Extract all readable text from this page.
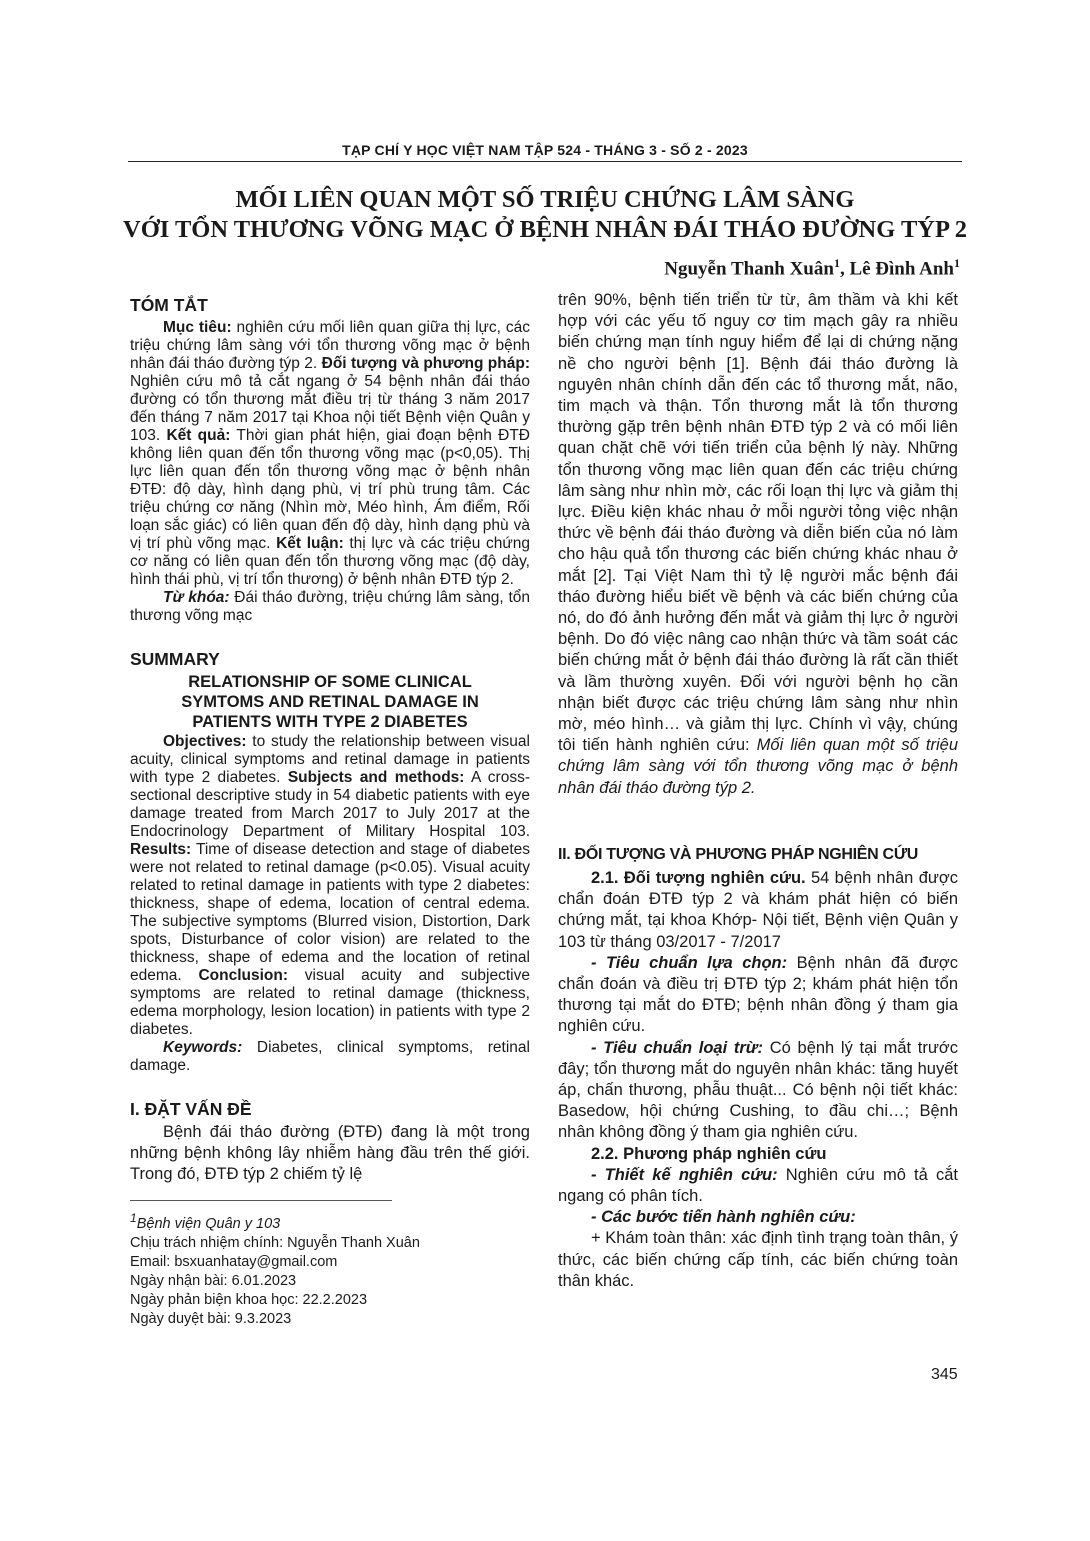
TẠP CHÍ Y HỌC VIỆT NAM TẬP 524 - THÁNG 3 - SỐ 2 - 2023
MỐI LIÊN QUAN MỘT SỐ TRIỆU CHỨNG LÂM SÀNG
VỚI TỔN THƯƠNG VÕNG MẠC Ở BỆNH NHÂN ĐÁI THÁO ĐƯỜNG TÝP 2
Nguyễn Thanh Xuân$^1$, Lê Đình Anh$^1$
TÓM TẮT

Mục tiêu: nghiên cứu mối liên quan giữa thị lực, các triệu chứng lâm sàng với tổn thương võng mạc ở bệnh nhân đái tháo đường týp 2. Đối tượng và phương pháp: Nghiên cứu mô tả cắt ngang ở 54 bệnh nhân đái tháo đường có tổn thương mắt điều trị từ tháng 3 năm 2017 đến tháng 7 năm 2017 tại Khoa nội tiết Bệnh viện Quân y 103. Kết quả: Thời gian phát hiện, giai đoạn bệnh ĐTĐ không liên quan đến tổn thương võng mạc (p<0,05). Thị lực liên quan đến tổn thương võng mạc ở bệnh nhân ĐTĐ: độ dày, hình dạng phù, vị trí phù trung tâm. Các triệu chứng cơ năng (Nhìn mờ, Méo hình, Ám điểm, Rối loạn sắc giác) có liên quan đến độ dày, hình dạng phù và vị trí phù võng mạc. Kết luận: thị lực và các triệu chứng cơ năng có liên quan đến tổn thương võng mạc (độ dày, hình thái phù, vị trí tổn thương) ở bệnh nhân ĐTĐ týp 2.

Từ khóa: Đái tháo đường, triệu chứng lâm sàng, tổn thương võng mạc

SUMMARY
RELATIONSHIP OF SOME CLINICAL
SYMTOMS AND RETINAL DAMAGE IN
PATIENTS WITH TYPE 2 DIABETES

Objectives: to study the relationship between visual acuity, clinical symptoms and retinal damage in patients with type 2 diabetes. Subjects and methods: A cross-sectional descriptive study in 54 diabetic patients with eye damage treated from March 2017 to July 2017 at the Endocrinology Department of Military Hospital 103. Results: Time of disease detection and stage of diabetes were not related to retinal damage (p<0.05). Visual acuity related to retinal damage in patients with type 2 diabetes: thickness, shape of edema, location of central edema. The subjective symptoms (Blurred vision, Distortion, Dark spots, Disturbance of color vision) are related to the thickness, shape of edema and the location of retinal edema. Conclusion: visual acuity and subjective symptoms are related to retinal damage (thickness, edema morphology, lesion location) in patients with type 2 diabetes.

Keywords: Diabetes, clinical symptoms, retinal damage.

I. ĐẶT VẤN ĐỀ

Bệnh đái tháo đường (ĐTĐ) đang là một trong những bệnh không lây nhiễm hàng đầu trên thế giới. Trong đó, ĐTĐ týp 2 chiếm tỷ lệ

$^1$Bệnh viện Quân y 103
Chịu trách nhiệm chính: Nguyễn Thanh Xuân
Email: bsxuanhatay@gmail.com
Ngày nhận bài: 6.01.2023
Ngày phản biện khoa học: 22.2.2023
Ngày duyệt bài: 9.3.2023

trên 90%, bệnh tiến triển từ từ, âm thầm và khi kết hợp với các yếu tố nguy cơ tim mạch gây ra nhiều biến chứng mạn tính nguy hiểm để lại di chứng nặng nề cho người bệnh [1]. Bệnh đái tháo đường là nguyên nhân chính dẫn đến các tổ thương mắt, não, tim mạch và thận. Tổn thương mắt là tổn thương thường gặp trên bệnh nhân ĐTĐ týp 2 và có mối liên quan chặt chẽ với tiến triển của bệnh lý này. Những tổn thương võng mạc liên quan đến các triệu chứng lâm sàng như nhìn mờ, các rối loạn thị lực và giảm thị lực. Điều kiện khác nhau ở mỗi người tỏng việc nhận thức về bệnh đái tháo đường và diễn biến của nó làm cho hậu quả tổn thương các biến chứng khác nhau ở mắt [2]. Tại Việt Nam thì tỷ lệ người mắc bệnh đái tháo đường hiểu biết về bệnh và các biến chứng của nó, do đó ảnh hưởng đến mắt và giảm thị lực ở người bệnh. Do đó việc nâng cao nhận thức và tầm soát các biến chứng mắt ở bệnh đái tháo đường là rất cần thiết và lầm thường xuyên. Đối với người bệnh họ cần nhận biết được các triệu chứng lâm sàng như nhìn mờ, méo hình… và giảm thị lực. Chính vì vậy, chúng tôi tiến hành nghiên cứu: Mối liên quan một số triệu chứng lâm sàng với tổn thương võng mạc ở bệnh nhân đái tháo đường týp 2.

II. ĐỐI TƯỢNG VÀ PHƯƠNG PHÁP NGHIÊN CỨU

2.1. Đối tượng nghiên cứu. 54 bệnh nhân được chẩn đoán ĐTĐ týp 2 và khám phát hiện có biến chứng mắt, tại khoa Khớp- Nội tiết, Bệnh viện Quân y 103 từ tháng 03/2017 - 7/2017

- Tiêu chuẩn lựa chọn: Bệnh nhân đã được chẩn đoán và điều trị ĐTĐ týp 2; khám phát hiện tổn thương tại mắt do ĐTĐ; bệnh nhân đồng ý tham gia nghiên cứu.

- Tiêu chuẩn loại trừ: Có bệnh lý tại mắt trước đây; tổn thương mắt do nguyên nhân khác: tăng huyết áp, chấn thương, phẫu thuật... Có bệnh nội tiết khác: Basedow, hội chứng Cushing, to đầu chi…; Bệnh nhân không đồng ý tham gia nghiên cứu.

2.2. Phương pháp nghiên cứu

- Thiết kế nghiên cứu: Nghiên cứu mô tả cắt ngang có phân tích.

- Các bước tiến hành nghiên cứu:

+ Khám toàn thân: xác định tình trạng toàn thân, ý thức, các biến chứng cấp tính, các biến chứng toàn thân khác.

345
